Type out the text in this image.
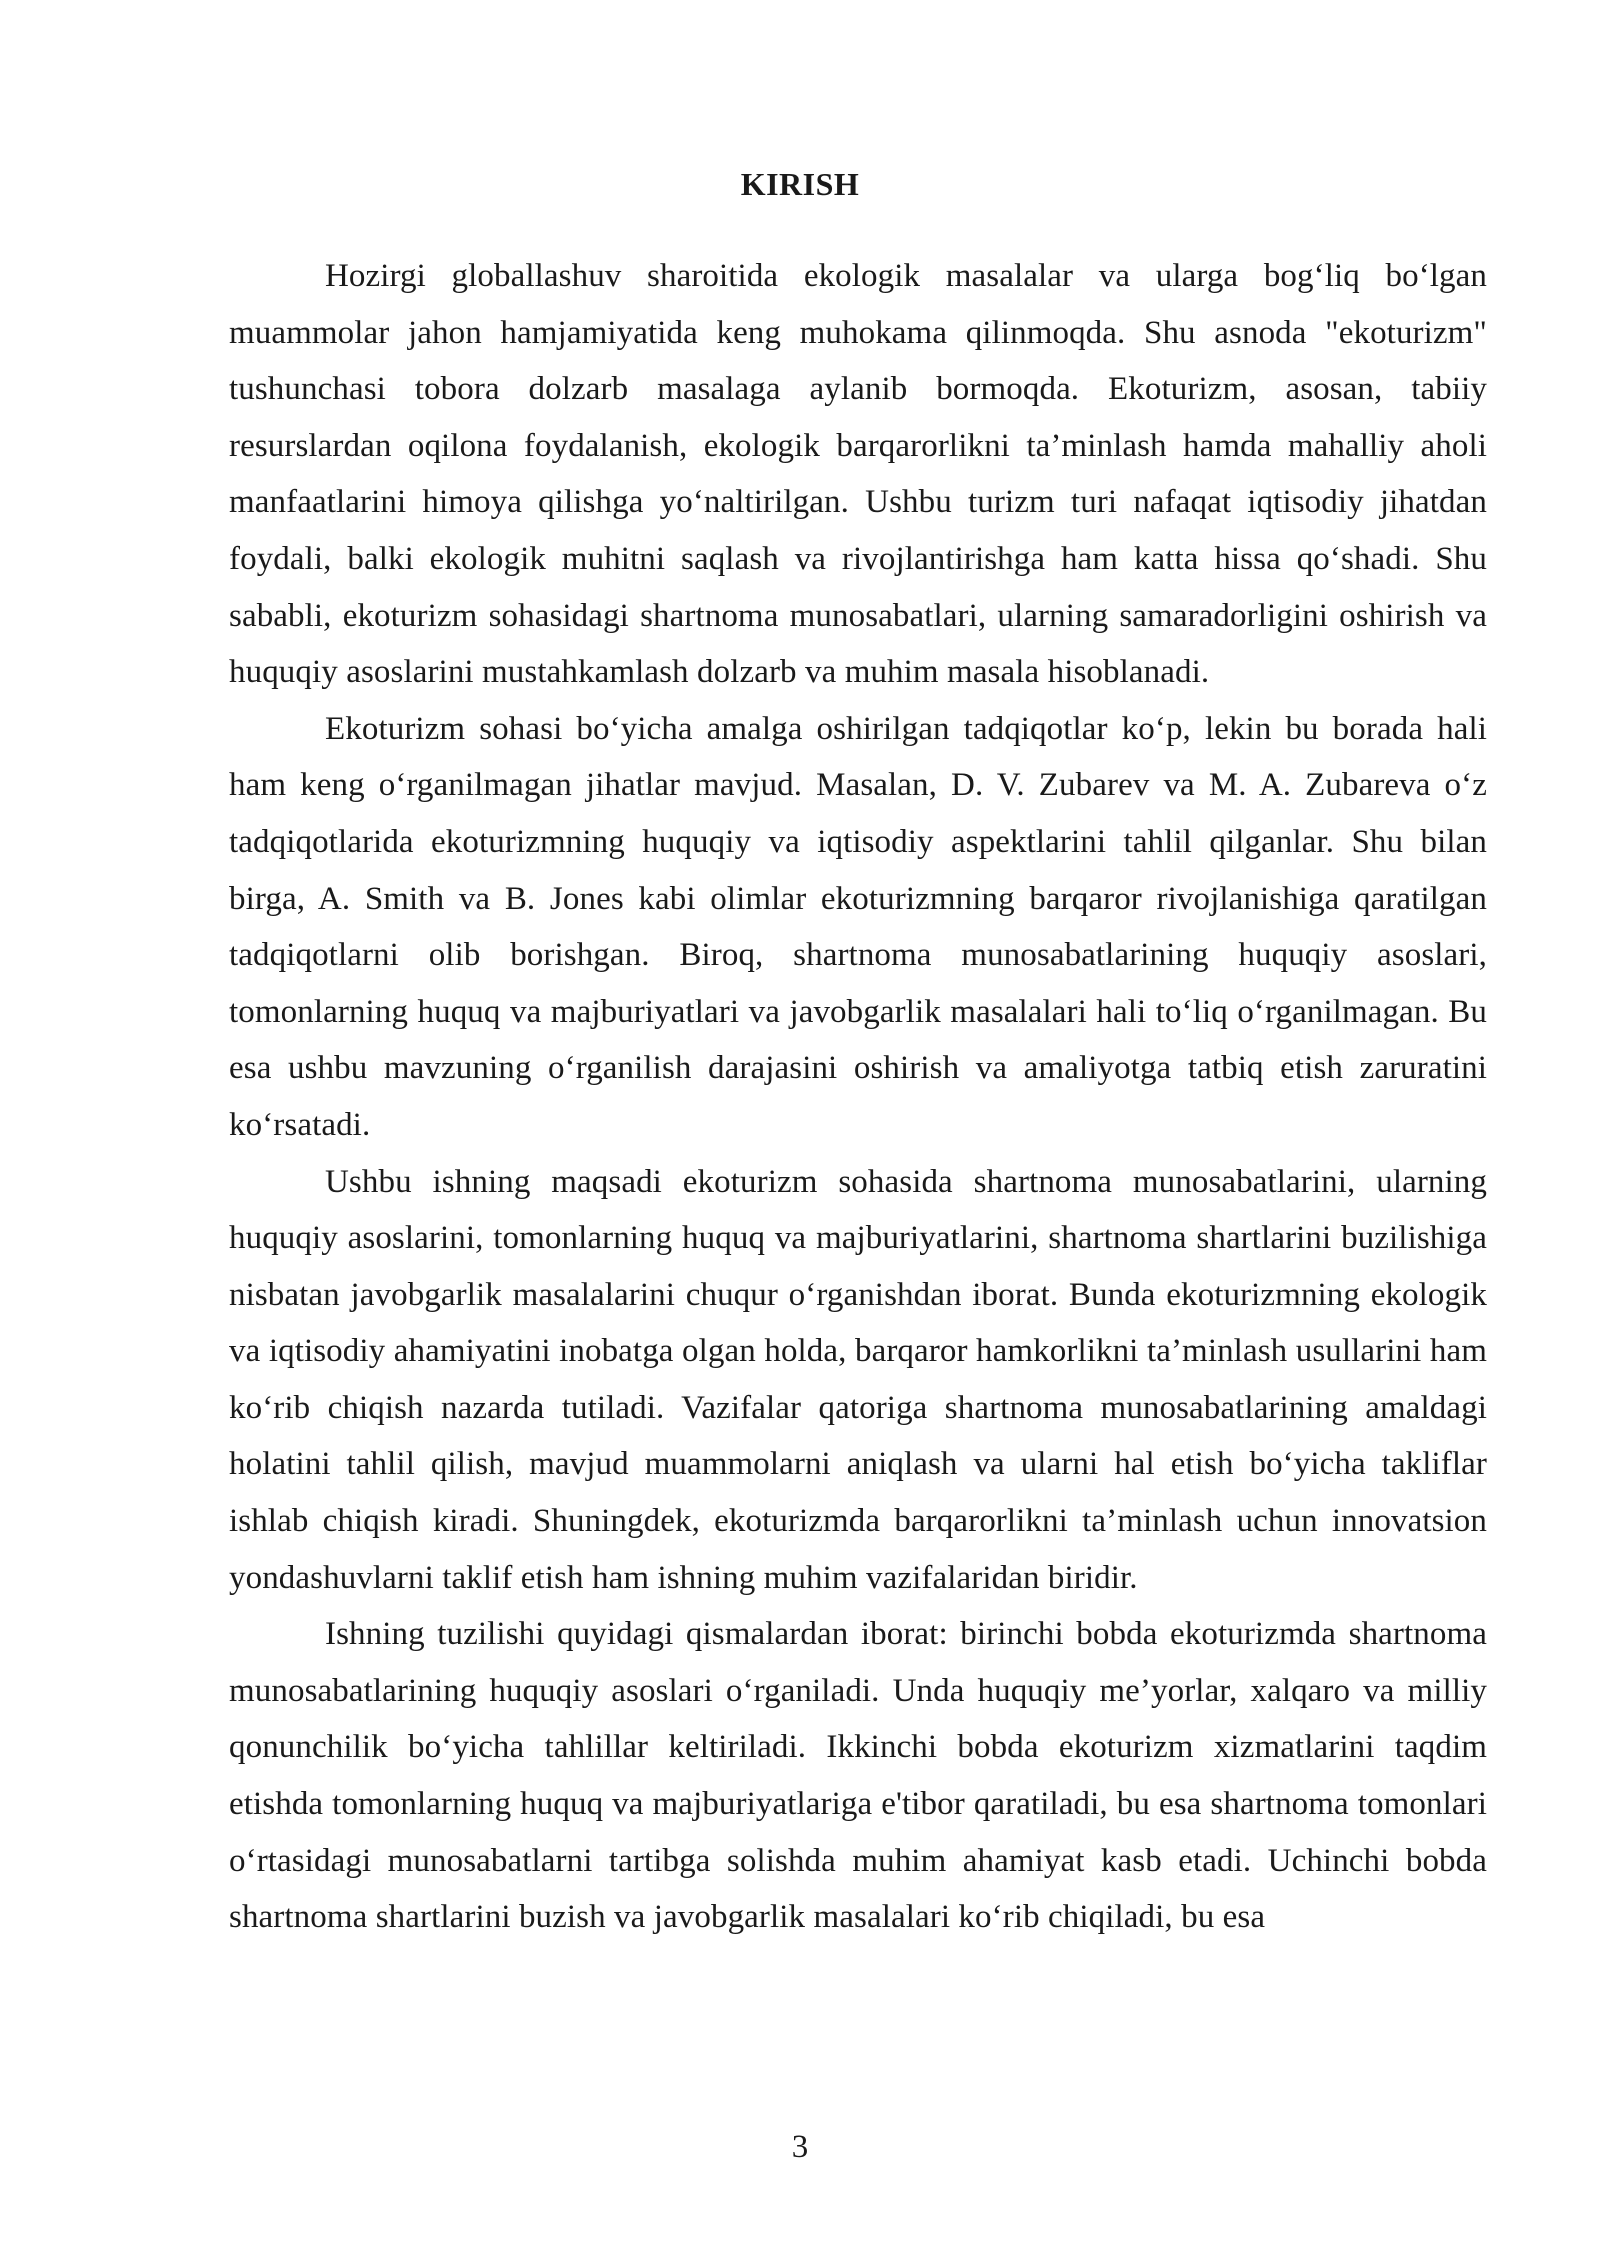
KIRISH

Hozirgi globallashuv sharoitida ekologik masalalar va ularga bog‘liq bo‘lgan muammolar jahon hamjamiyatida keng muhokama qilinmoqda. Shu asnoda "ekoturizm" tushunchasi tobora dolzarb masalaga aylanib bormoqda. Ekoturizm, asosan, tabiiy resurslardan oqilona foydalanish, ekologik barqarorlikni ta’minlash hamda mahalliy aholi manfaatlarini himoya qilishga yo‘naltirilgan. Ushbu turizm turi nafaqat iqtisodiy jihatdan foydali, balki ekologik muhitni saqlash va rivojlantirishga ham katta hissa qo‘shadi. Shu sababli, ekoturizm sohasidagi shartnoma munosabatlari, ularning samaradorligini oshirish va huquqiy asoslarini mustahkamlash dolzarb va muhim masala hisoblanadi.

Ekoturizm sohasi bo‘yicha amalga oshirilgan tadqiqotlar ko‘p, lekin bu borada hali ham keng o‘rganilmagan jihatlar mavjud. Masalan, D. V. Zubarev va M. A. Zubareva o‘z tadqiqotlarida ekoturizmning huquqiy va iqtisodiy aspektlarini tahlil qilganlar. Shu bilan birga, A. Smith va B. Jones kabi olimlar ekoturizmning barqaror rivojlanishiga qaratilgan tadqiqotlarni olib borishgan. Biroq, shartnoma munosabatlarining huquqiy asoslari, tomonlarning huquq va majburiyatlari va javobgarlik masalalari hali to‘liq o‘rganilmagan. Bu esa ushbu mavzuning o‘rganilish darajasini oshirish va amaliyotga tatbiq etish zaruratini ko‘rsatadi.

Ushbu ishning maqsadi ekoturizm sohasida shartnoma munosabatlarini, ularning huquqiy asoslarini, tomonlarning huquq va majburiyatlarini, shartnoma shartlarini buzilishiga nisbatan javobgarlik masalalarini chuqur o‘rganishdan iborat. Bunda ekoturizmning ekologik va iqtisodiy ahamiyatini inobatga olgan holda, barqaror hamkorlikni ta’minlash usullarini ham ko‘rib chiqish nazarda tutiladi. Vazifalar qatoriga shartnoma munosabatlarining amaldagi holatini tahlil qilish, mavjud muammolarni aniqlash va ularni hal etish bo‘yicha takliflar ishlab chiqish kiradi. Shuningdek, ekoturizmda barqarorlikni ta’minlash uchun innovatsion yondashuvlarni taklif etish ham ishning muhim vazifalaridan biridir.

Ishning tuzilishi quyidagi qismalardan iborat: birinchi bobda ekoturizmda shartnoma munosabatlarining huquqiy asoslari o‘rganiladi. Unda huquqiy me’yorlar, xalqaro va milliy qonunchilik bo‘yicha tahlillar keltiriladi. Ikkinchi bobda ekoturizm xizmatlarini taqdim etishda tomonlarning huquq va majburiyatlariga e'tibor qaratiladi, bu esa shartnoma tomonlari o‘rtasidagi munosabatlarni tartibga solishda muhim ahamiyat kasb etadi. Uchinchi bobda shartnoma shartlarini buzish va javobgarlik masalalari ko‘rib chiqiladi, bu esa

3
